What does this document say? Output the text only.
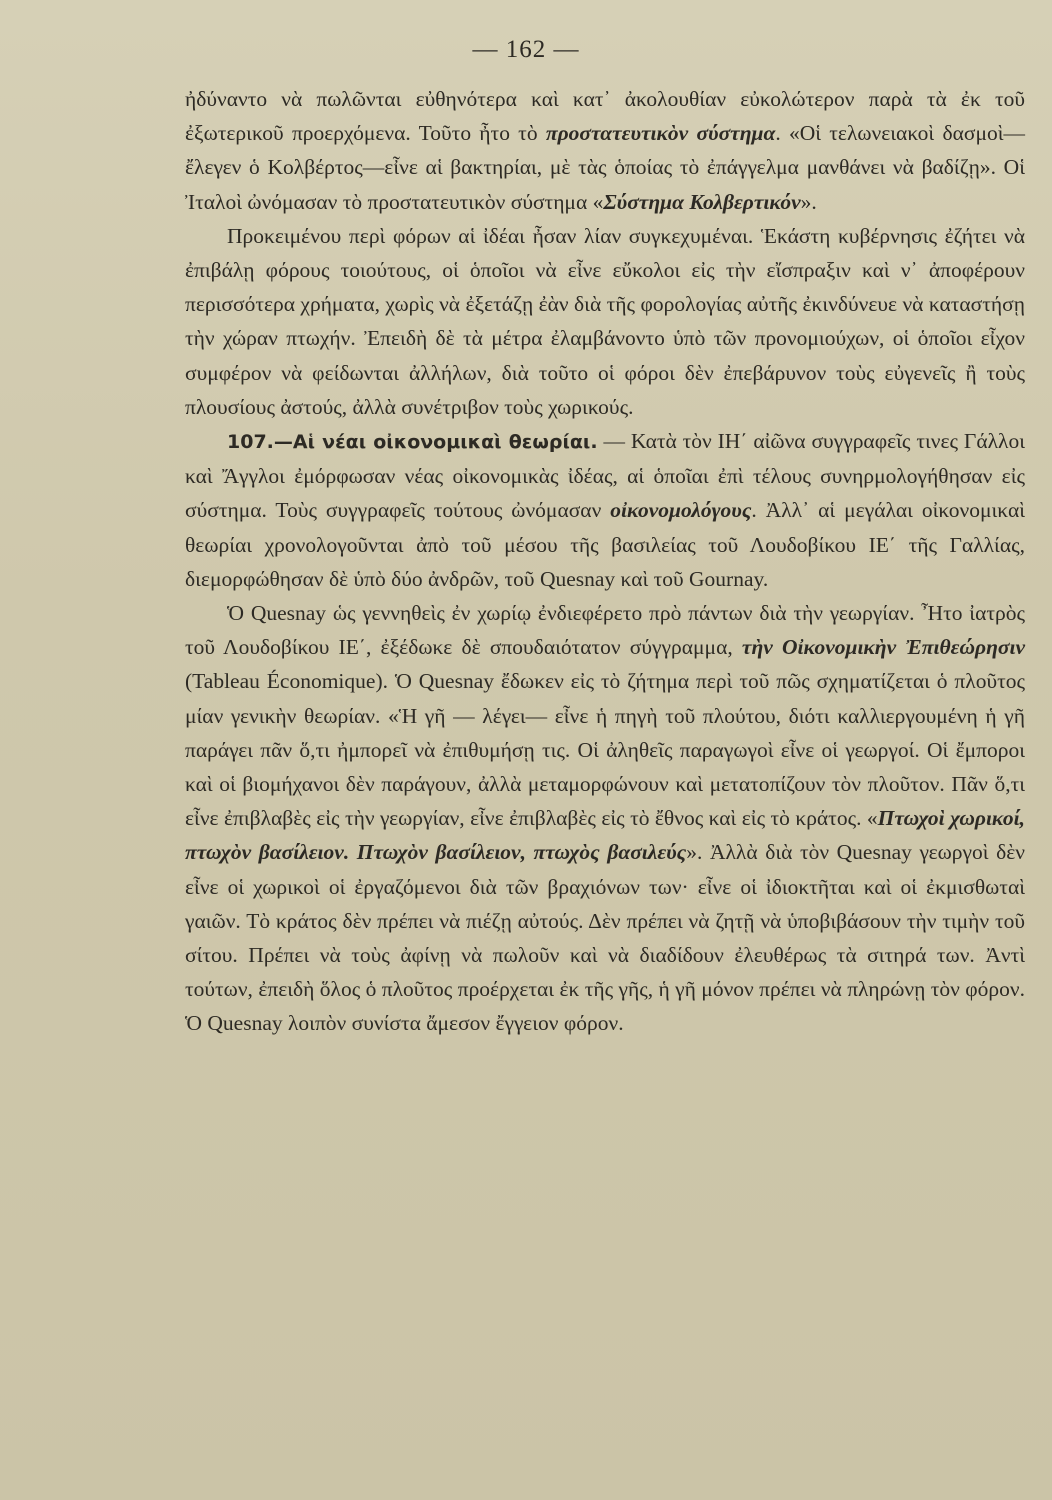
— 162 —

ἠδύναντο νὰ πωλῶνται εὐθηνότερα καὶ κατ᾽ ἀκολουθίαν εὐκολώτερον παρὰ τὰ ἐκ τοῦ ἐξωτερικοῦ προερχόμενα. Τοῦτο ἦτο τὸ προστατευτικὸν σύστημα. «Οἱ τελωνειακοὶ δασμοὶ—ἔλεγεν ὁ Κολβέρτος—εἶνε αἱ βακτηρίαι, μὲ τὰς ὁποίας τὸ ἐπάγγελμα μανθάνει νὰ βαδίζῃ». Οἱ Ἰταλοὶ ὠνόμασαν τὸ προστατευτικὸν σύστημα «Σύστημα Κολβερτικόν».

Προκειμένου περὶ φόρων αἱ ἰδέαι ἦσαν λίαν συγκεχυμέναι. Ἑκάστη κυβέρνησις ἐζήτει νὰ ἐπιβάλῃ φόρους τοιούτους, οἱ ὁποῖοι νὰ εἶνε εὔκολοι εἰς τὴν εἴσπραξιν καὶ ν᾽ ἀποφέρουν περισσότερα χρήματα, χωρὶς νὰ ἐξετάζῃ ἐὰν διὰ τῆς φορολογίας αὐτῆς ἐκινδύνευε νὰ καταστήσῃ τὴν χώραν πτωχήν. Ἐπειδὴ δὲ τὰ μέτρα ἐλαμβάνοντο ὑπὸ τῶν προνομιούχων, οἱ ὁποῖοι εἶχον συμφέρον νὰ φείδωνται ἀλλήλων, διὰ τοῦτο οἱ φόροι δὲν ἐπεβάρυνον τοὺς εὐγενεῖς ἢ τοὺς πλουσίους ἀστούς, ἀλλὰ συνέτριβον τοὺς χωρικούς.

107.—Αἱ νέαι οἰκονομικαὶ θεωρίαι. — Κατὰ τὸν ΙΗ΄ αἰῶνα συγγραφεῖς τινες Γάλλοι καὶ Ἄγγλοι ἐμόρφωσαν νέας οἰκονομικὰς ἰδέας, αἱ ὁποῖαι ἐπὶ τέλους συνηρμολογήθησαν εἰς σύστημα. Τοὺς συγγραφεῖς τούτους ὠνόμασαν οἰκονομολόγους. Ἀλλ᾽ αἱ μεγάλαι οἰκονομικαὶ θεωρίαι χρονολογοῦνται ἀπὸ τοῦ μέσου τῆς βασιλείας τοῦ Λουδοβίκου ΙΕ΄ τῆς Γαλλίας, διεμορφώθησαν δὲ ὑπὸ δύο ἀνδρῶν, τοῦ Quesnay καὶ τοῦ Gournay.

Ὁ Quesnay ὡς γεννηθεὶς ἐν χωρίῳ ἐνδιεφέρετο πρὸ πάντων διὰ τὴν γεωργίαν. Ἦτο ἰατρὸς τοῦ Λουδοβίκου ΙΕ΄, ἐξέδωκε δὲ σπουδαιότατον σύγγραμμα, τὴν Οἰκονομικὴν Ἐπιθεώρησιν (Tableau Économique). Ὁ Quesnay ἔδωκεν εἰς τὸ ζήτημα περὶ τοῦ πῶς σχηματίζεται ὁ πλοῦτος μίαν γενικὴν θεωρίαν. «Ἡ γῆ — λέγει— εἶνε ἡ πηγὴ τοῦ πλούτου, διότι καλλιεργουμένη ἡ γῆ παράγει πᾶν ὅ,τι ἠμπορεῖ νὰ ἐπιθυμήσῃ τις. Οἱ ἀληθεῖς παραγωγοὶ εἶνε οἱ γεωργοί. Οἱ ἔμποροι καὶ οἱ βιομήχανοι δὲν παράγουν, ἀλλὰ μεταμορφώνουν καὶ μετατοπίζουν τὸν πλοῦτον. Πᾶν ὅ,τι εἶνε ἐπιβλαβὲς εἰς τὴν γεωργίαν, εἶνε ἐπιβλαβὲς εἰς τὸ ἔθνος καὶ εἰς τὸ κράτος. «Πτωχοὶ χωρικοί, πτωχὸν βασίλειον. Πτωχὸν βασίλειον, πτωχὸς βασιλεύς». Ἀλλὰ διὰ τὸν Quesnay γεωργοὶ δὲν εἶνε οἱ χωρικοὶ οἱ ἐργαζόμενοι διὰ τῶν βραχιόνων των· εἶνε οἱ ἰδιοκτῆται καὶ οἱ ἐκμισθωταὶ γαιῶν. Τὸ κράτος δὲν πρέπει νὰ πιέζῃ αὐτούς. Δὲν πρέπει νὰ ζητῇ νὰ ὑποβιβάσουν τὴν τιμὴν τοῦ σίτου. Πρέπει νὰ τοὺς ἀφίνῃ νὰ πωλοῦν καὶ νὰ διαδίδουν ἐλευθέρως τὰ σιτηρά των. Ἀντὶ τούτων, ἐπειδὴ ὅλος ὁ πλοῦτος προέρχεται ἐκ τῆς γῆς, ἡ γῆ μόνον πρέπει νὰ πληρώνῃ τὸν φόρον. Ὁ Quesnay λοιπὸν συνίστα ἄμεσον ἔγγειον φόρον.
